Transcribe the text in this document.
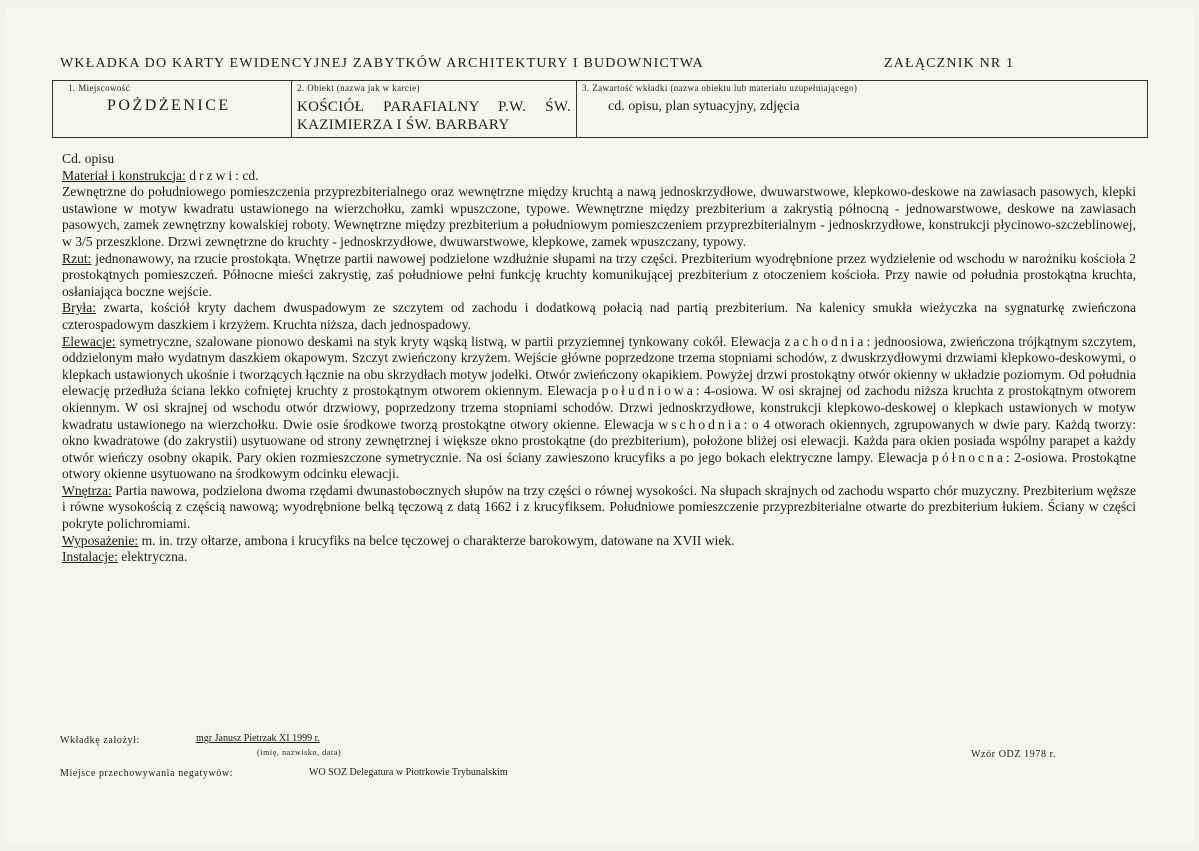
WKŁADKA DO KARTY EWIDENCYJNEJ ZABYTKÓW ARCHITEKTURY I BUDOWNICTWA	ZAŁĄCZNIK NR 1
1. Miejscowość
POŻDŻENICE
2. Obiekt (nazwa jak w karcie)
KOŚCIÓŁ PARAFIALNY P.W. ŚW. KAZIMIERZA I ŚW. BARBARY
3. Zawartość wkładki (nazwa obiektu lub materiału uzupełniającego)
cd. opisu, plan sytuacyjny, zdjęcia

Cd. opisu

Materiał i konstrukcja: drzwi: cd.

Zewnętrzne do południowego pomieszczenia przyprezbiterialnego oraz wewnętrzne między kruchtą a nawą jednoskrzydłowe, dwuwarstwowe, klepkowo-deskowe na zawiasach pasowych, klepki ustawione w motyw kwadratu ustawionego na wierzchołku, zamki wpuszczone, typowe. Wewnętrzne między prezbiterium a zakrystią północną - jednowarstwowe, deskowe na zawiasach pasowych, zamek zewnętrzny kowalskiej roboty. Wewnętrzne między prezbiterium a południowym pomieszczeniem przyprezbiterialnym - jednoskrzydłowe, konstrukcji płycinowo-szczeblinowej, w 3/5 przeszklone. Drzwi zewnętrzne do kruchty - jednoskrzydłowe, dwuwarstwowe, klepkowe, zamek wpuszczany, typowy.

Rzut: jednonawowy, na rzucie prostokąta. Wnętrze partii nawowej podzielone wzdłużnie słupami na trzy części. Prezbiterium wyodrębnione przez wydzielenie od wschodu w narożniku kościoła 2 prostokątnych pomieszczeń. Północne mieści zakrystię, zaś południowe pełni funkcję kruchty komunikującej prezbiterium z otoczeniem kościoła. Przy nawie od południa prostokątna kruchta, osłaniająca boczne wejście.

Bryła: zwarta, kościół kryty dachem dwuspadowym ze szczytem od zachodu i dodatkową połacią nad partią prezbiterium. Na kalenicy smukła wieżyczka na sygnaturkę zwieńczona czterospadowym daszkiem i krzyżem. Kruchta niższa, dach jednospadowy.

Elewacje: symetryczne, szalowane pionowo deskami na styk kryty wąską listwą, w partii przyziemnej tynkowany cokół. Elewacja zachodnia: jednoosiowa, zwieńczona trójkątnym szczytem, oddzielonym mało wydatnym daszkiem okapowym. Szczyt zwieńczony krzyżem. Wejście główne poprzedzone trzema stopniami schodów, z dwuskrzydłowymi drzwiami klepkowo-deskowymi, o klepkach ustawionych ukośnie i tworzących łącznie na obu skrzydłach motyw jodełki. Otwór zwieńczony okapikiem. Powyżej drzwi prostokątny otwór okienny w układzie poziomym. Od południa elewację przedłuża ściana lekko cofniętej kruchty z prostokątnym otworem okiennym. Elewacja południowa: 4-osiowa. W osi skrajnej od zachodu niższa kruchta z prostokątnym otworem okiennym. W osi skrajnej od wschodu otwór drzwiowy, poprzedzony trzema stopniami schodów. Drzwi jednoskrzydłowe, konstrukcji klepkowo-deskowej o klepkach ustawionych w motyw kwadratu ustawionego na wierzchołku. Dwie osie środkowe tworzą prostokątne otwory okienne. Elewacja wschodnia: o 4 otworach okiennych, zgrupowanych w dwie pary. Każdą tworzy: okno kwadratowe (do zakrystii) usytuowane od strony zewnętrznej i większe okno prostokątne (do prezbiterium), położone bliżej osi elewacji. Każda para okien posiada wspólny parapet a każdy otwór wieńczy osobny okapik. Pary okien rozmieszczone symetrycznie. Na osi ściany zawieszono krucyfiks a po jego bokach elektryczne lampy. Elewacja północna: 2-osiowa. Prostokątne otwory okienne usytuowano na środkowym odcinku elewacji.

Wnętrza: Partia nawowa, podzielona dwoma rzędami dwunastobocznych słupów na trzy części o równej wysokości. Na słupach skrajnych od zachodu wsparto chór muzyczny. Prezbiterium węższe i równe wysokością z częścią nawową; wyodrębnione belką tęczową z datą 1662 i z krucyfiksem. Południowe pomieszczenie przyprezbiterialne otwarte do prezbiterium łukiem. Ściany w części pokryte polichromiami.

Wyposażenie: m. in. trzy ołtarze, ambona i krucyfiks na belce tęczowej o charakterze barokowym, datowane na XVII wiek.

Instalacje: elektryczna.

Wkładkę założył:	mgr Janusz Pietrzak XI 1999 r.
(imię, nazwisko, data)
Miejsce przechowywania negatywów:	WO SOZ Delegatura w Piotrkowie Trybunalskim
Wzór ODZ 1978 r.
